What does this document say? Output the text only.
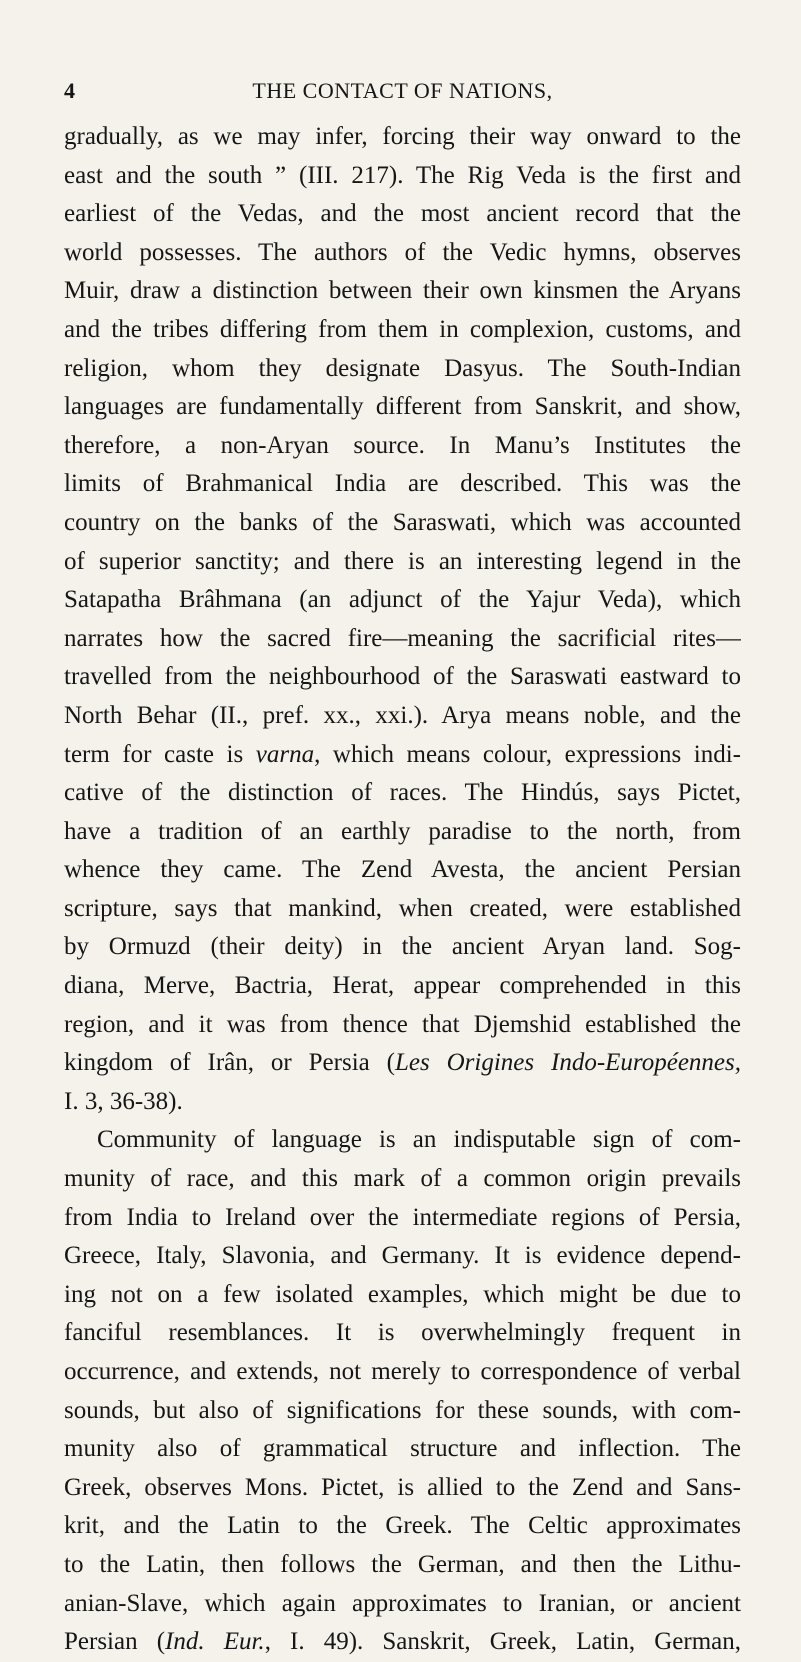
4	THE CONTACT OF NATIONS,
gradually, as we may infer, forcing their way onward to the
east and the south ” (III. 217). The Rig Veda is the first and
earliest of the Vedas, and the most ancient record that the
world possesses. The authors of the Vedic hymns, observes
Muir, draw a distinction between their own kinsmen the Aryans
and the tribes differing from them in complexion, customs, and
religion, whom they designate Dasyus. The South-Indian
languages are fundamentally different from Sanskrit, and show,
therefore, a non-Aryan source. In Manu’s Institutes the
limits of Brahmanical India are described. This was the
country on the banks of the Saraswati, which was accounted
of superior sanctity; and there is an interesting legend in the
Satapatha Brâhmana (an adjunct of the Yajur Veda), which
narrates how the sacred fire—meaning the sacrificial rites—
travelled from the neighbourhood of the Saraswati eastward to
North Behar (II., pref. xx., xxi.). Arya means noble, and the
term for caste is varna, which means colour, expressions indi-
cative of the distinction of races. The Hindús, says Pictet,
have a tradition of an earthly paradise to the north, from
whence they came. The Zend Avesta, the ancient Persian
scripture, says that mankind, when created, were established
by Ormuzd (their deity) in the ancient Aryan land. Sog-
diana, Merve, Bactria, Herat, appear comprehended in this
region, and it was from thence that Djemshid established the
kingdom of Irân, or Persia (Les Origines Indo-Européennes,
I. 3, 36-38).
Community of language is an indisputable sign of com-
munity of race, and this mark of a common origin prevails
from India to Ireland over the intermediate regions of Persia,
Greece, Italy, Slavonia, and Germany. It is evidence depend-
ing not on a few isolated examples, which might be due to
fanciful resemblances. It is overwhelmingly frequent in
occurrence, and extends, not merely to correspondence of verbal
sounds, but also of significations for these sounds, with com-
munity also of grammatical structure and inflection. The
Greek, observes Mons. Pictet, is allied to the Zend and Sans-
krit, and the Latin to the Greek. The Celtic approximates
to the Latin, then follows the German, and then the Lithu-
anian-Slave, which again approximates to Iranian, or ancient
Persian (Ind. Eur., I. 49). Sanskrit, Greek, Latin, German,
